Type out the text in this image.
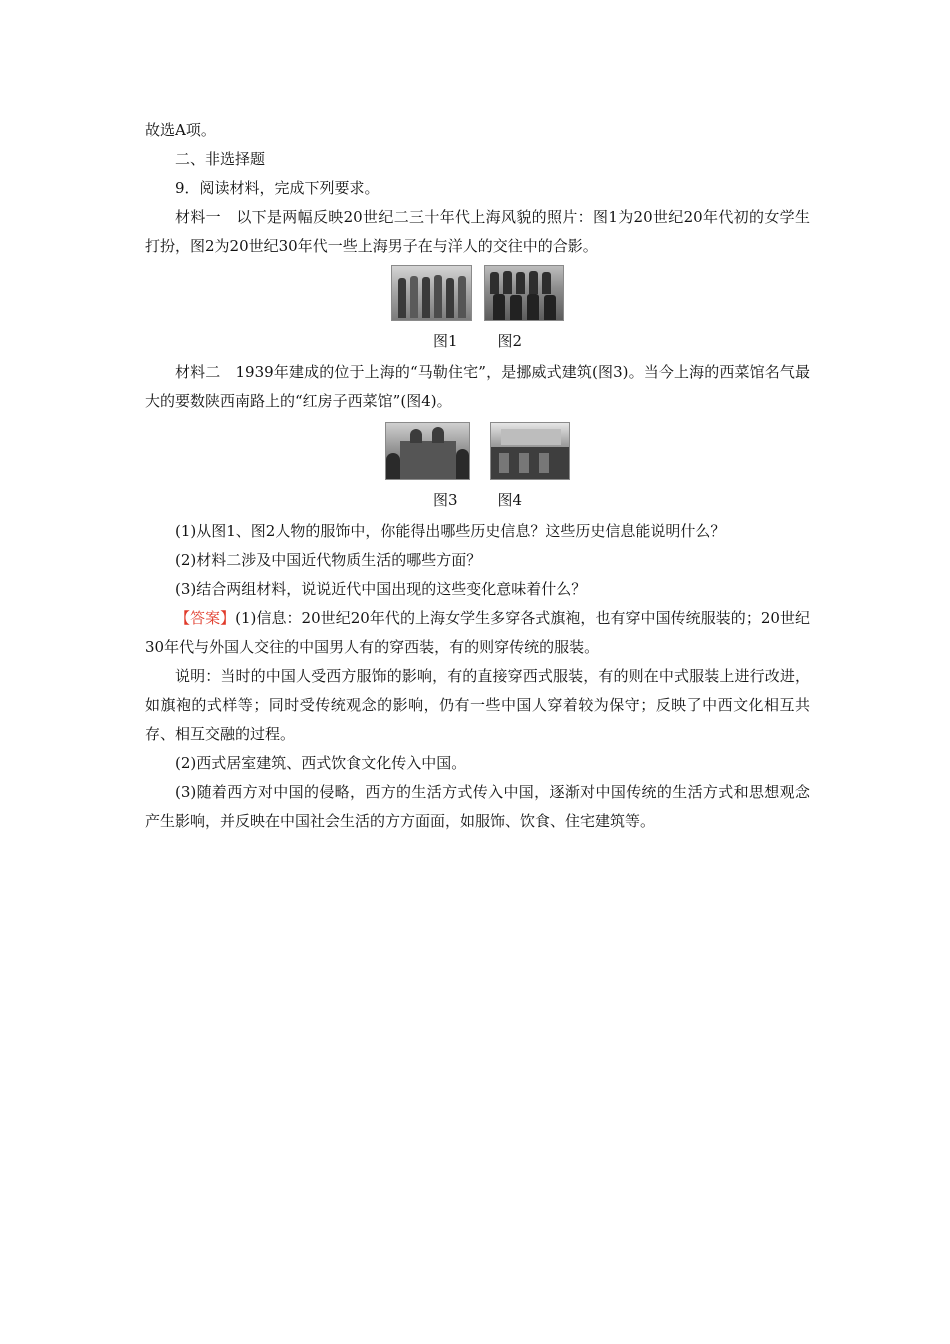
故选A项。

二、非选择题

9．阅读材料，完成下列要求。

材料一　以下是两幅反映20世纪二三十年代上海风貌的照片：图1为20世纪20年代初的女学生打扮，图2为20世纪30年代一些上海男子在与洋人的交往中的合影。

图1	图2

材料二　1939年建成的位于上海的“马勒住宅”，是挪威式建筑(图3)。当今上海的西菜馆名气最大的要数陕西南路上的“红房子西菜馆”(图4)。

图3	图4

(1)从图1、图2人物的服饰中，你能得出哪些历史信息？这些历史信息能说明什么？

(2)材料二涉及中国近代物质生活的哪些方面？

(3)结合两组材料，说说近代中国出现的这些变化意味着什么？

【答案】(1)信息：20世纪20年代的上海女学生多穿各式旗袍，也有穿中国传统服装的；20世纪30年代与外国人交往的中国男人有的穿西装，有的则穿传统的服装。

说明：当时的中国人受西方服饰的影响，有的直接穿西式服装，有的则在中式服装上进行改进，如旗袍的式样等；同时受传统观念的影响，仍有一些中国人穿着较为保守；反映了中西文化相互共存、相互交融的过程。

(2)西式居室建筑、西式饮食文化传入中国。

(3)随着西方对中国的侵略，西方的生活方式传入中国，逐渐对中国传统的生活方式和思想观念产生影响，并反映在中国社会生活的方方面面，如服饰、饮食、住宅建筑等。
